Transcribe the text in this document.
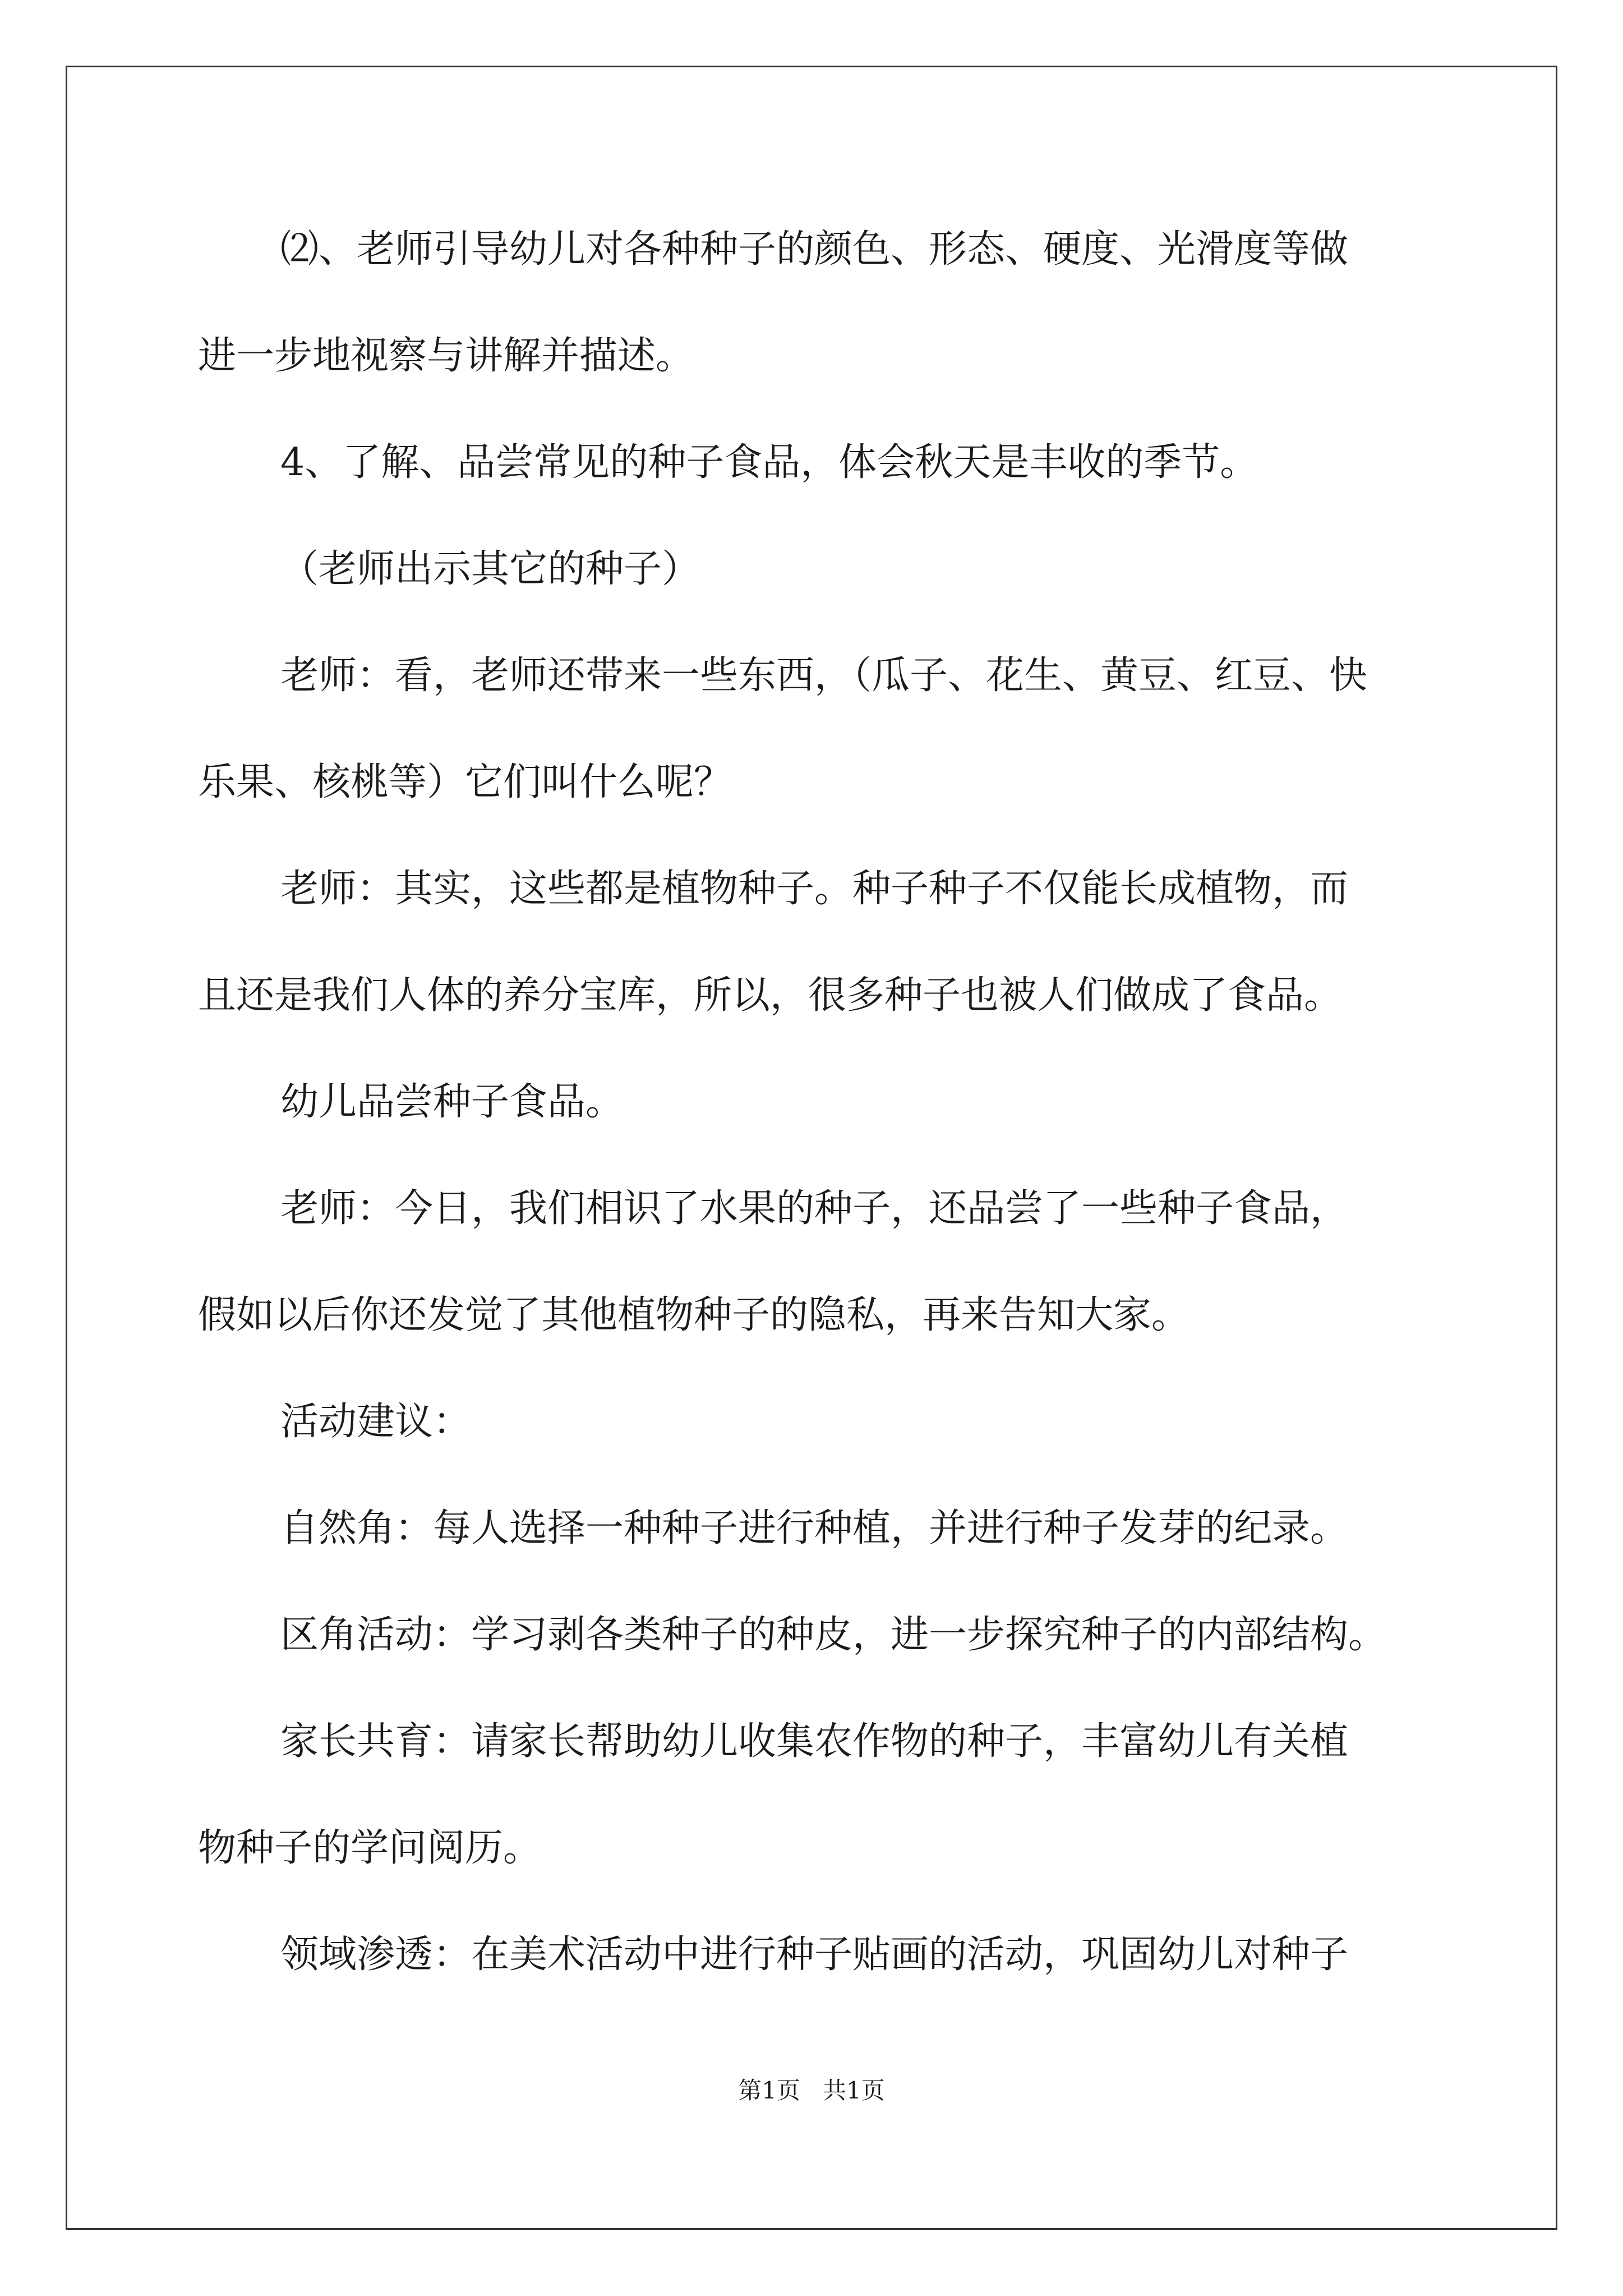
⑵、老师引导幼儿对各种种子的颜色、形态、硬度、光滑度等做

进一步地视察与讲解并描述。

4、了解、品尝常见的种子食品，体会秋天是丰收的季节。

（老师出示其它的种子）

老师：看，老师还带来一些东西，（瓜子、花生、黄豆、红豆、快

乐果、核桃等）它们叫什么呢？

老师：其实，这些都是植物种子。种子种子不仅能长成植物，而

且还是我们人体的养分宝库，所以，很多种子也被人们做成了食品。

幼儿品尝种子食品。

老师：今日，我们相识了水果的种子，还品尝了一些种子食品，

假如以后你还发觉了其他植物种子的隐私，再来告知大家。

活动建议：

自然角：每人选择一种种子进行种植，并进行种子发芽的纪录。

区角活动：学习剥各类种子的种皮，进一步探究种子的内部结构。

家长共育：请家长帮助幼儿收集农作物的种子，丰富幼儿有关植

物种子的学问阅历。

领域渗透：在美术活动中进行种子贴画的活动，巩固幼儿对种子

第1页 共1页
